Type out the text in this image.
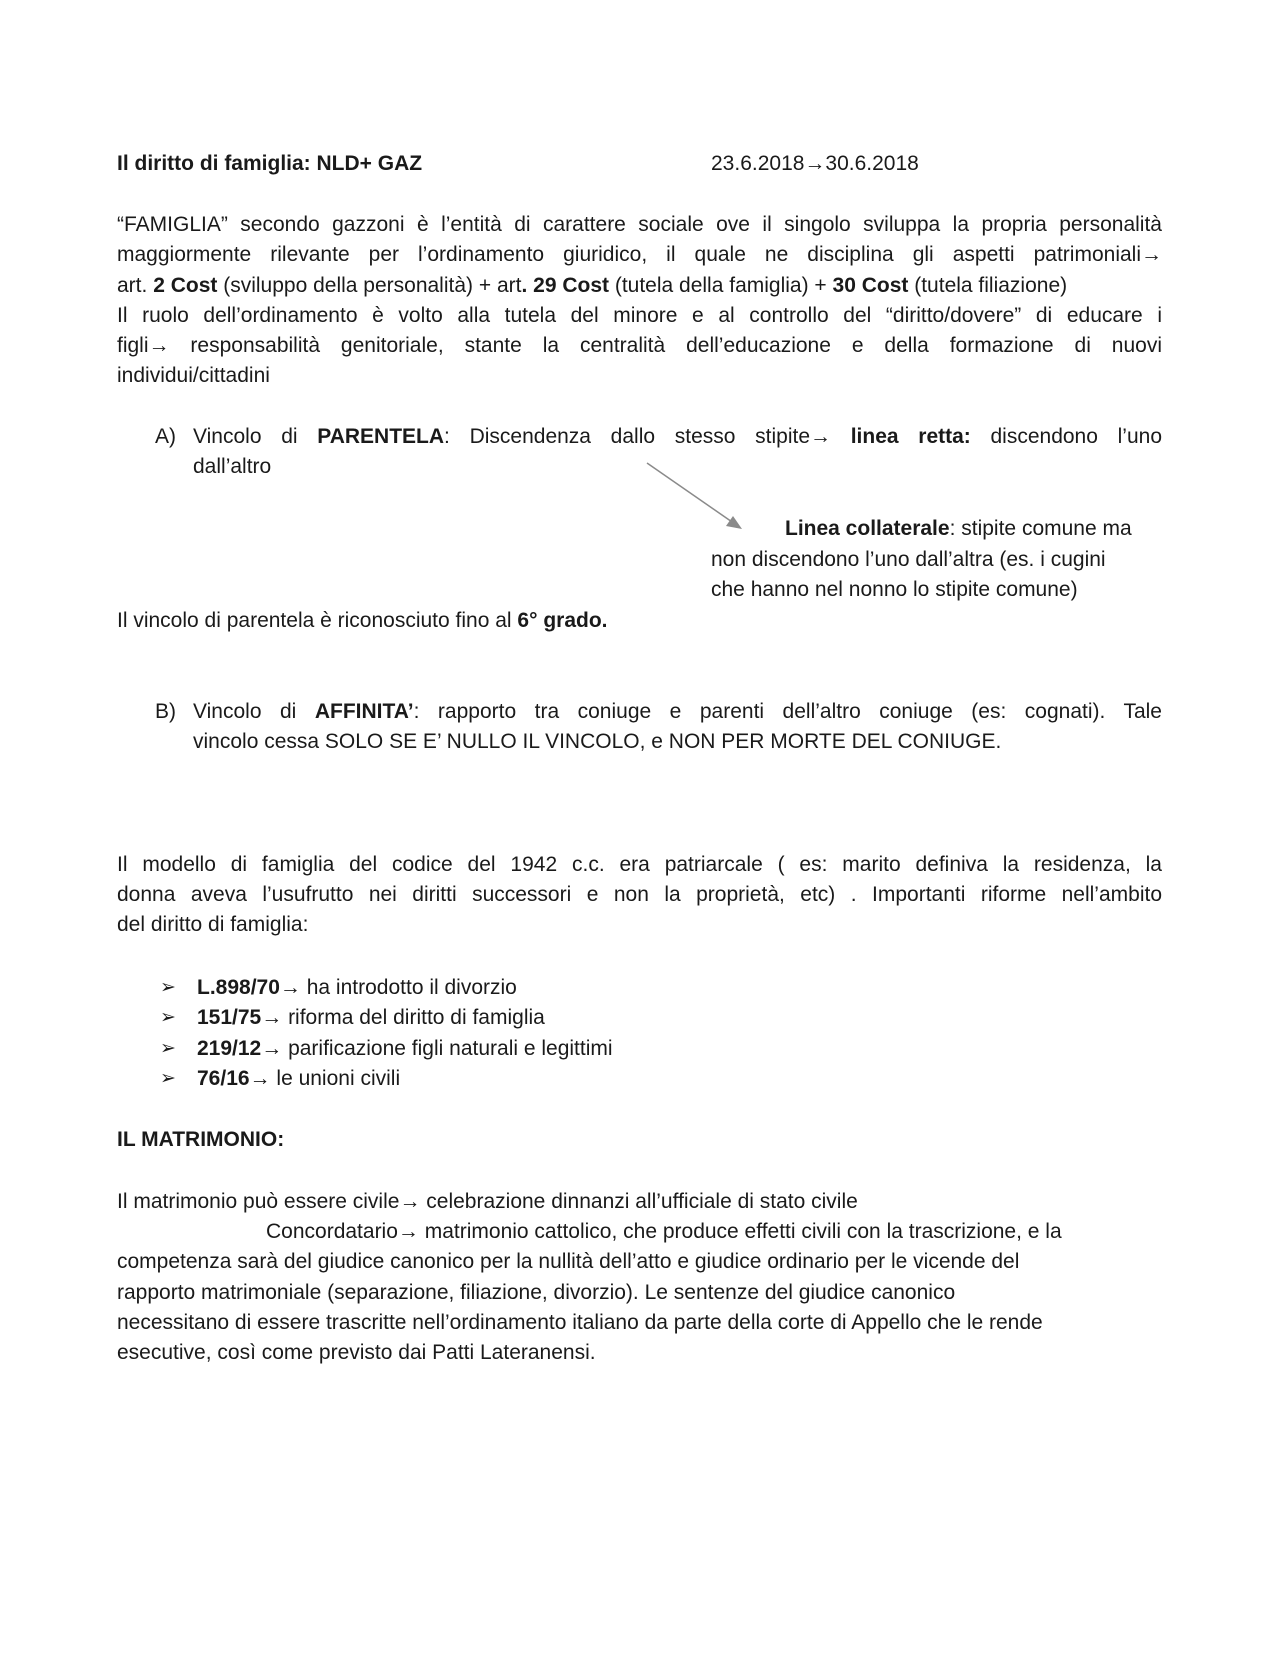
Il diritto di famiglia: NLD+ GAZ	23.6.2018→30.6.2018
“FAMIGLIA” secondo gazzoni è l’entità di carattere sociale ove il singolo sviluppa la propria personalità
maggiormente rilevante per l’ordinamento giuridico, il quale ne disciplina gli aspetti patrimoniali→
art. 2 Cost (sviluppo della personalità) + art. 29 Cost (tutela della famiglia) + 30 Cost (tutela filiazione)
Il ruolo dell’ordinamento è volto alla tutela del minore e al controllo del “diritto/dovere” di educare i
figli→ responsabilità genitoriale, stante la centralità dell’educazione e della formazione di nuovi
individui/cittadini
A) Vincolo di PARENTELA: Discendenza dallo stesso stipite→ linea retta: discendono l’uno
dall’altro
Linea collaterale: stipite comune ma
non discendono l’uno dall’altra (es. i cugini
che hanno nel nonno lo stipite comune)
Il vincolo di parentela è riconosciuto fino al 6° grado.
B) Vincolo di AFFINITA’: rapporto tra coniuge e parenti dell’altro coniuge (es: cognati). Tale
vincolo cessa SOLO SE E’ NULLO IL VINCOLO, e NON PER MORTE DEL CONIUGE.
Il modello di famiglia del codice del 1942 c.c. era patriarcale ( es: marito definiva la residenza, la
donna aveva l’usufrutto nei diritti successori e non la proprietà, etc) . Importanti riforme nell’ambito
del diritto di famiglia:
➢ L.898/70→ ha introdotto il divorzio
➢ 151/75→ riforma del diritto di famiglia
➢ 219/12→ parificazione figli naturali e legittimi
➢ 76/16→ le unioni civili
IL MATRIMONIO:
Il matrimonio può essere civile→ celebrazione dinnanzi all’ufficiale di stato civile
Concordatario→ matrimonio cattolico, che produce effetti civili con la trascrizione, e la
competenza sarà del giudice canonico per la nullità dell’atto e giudice ordinario per le vicende del
rapporto matrimoniale (separazione, filiazione, divorzio). Le sentenze del giudice canonico
necessitano di essere trascritte nell’ordinamento italiano da parte della corte di Appello che le rende
esecutive, così come previsto dai Patti Lateranensi.
